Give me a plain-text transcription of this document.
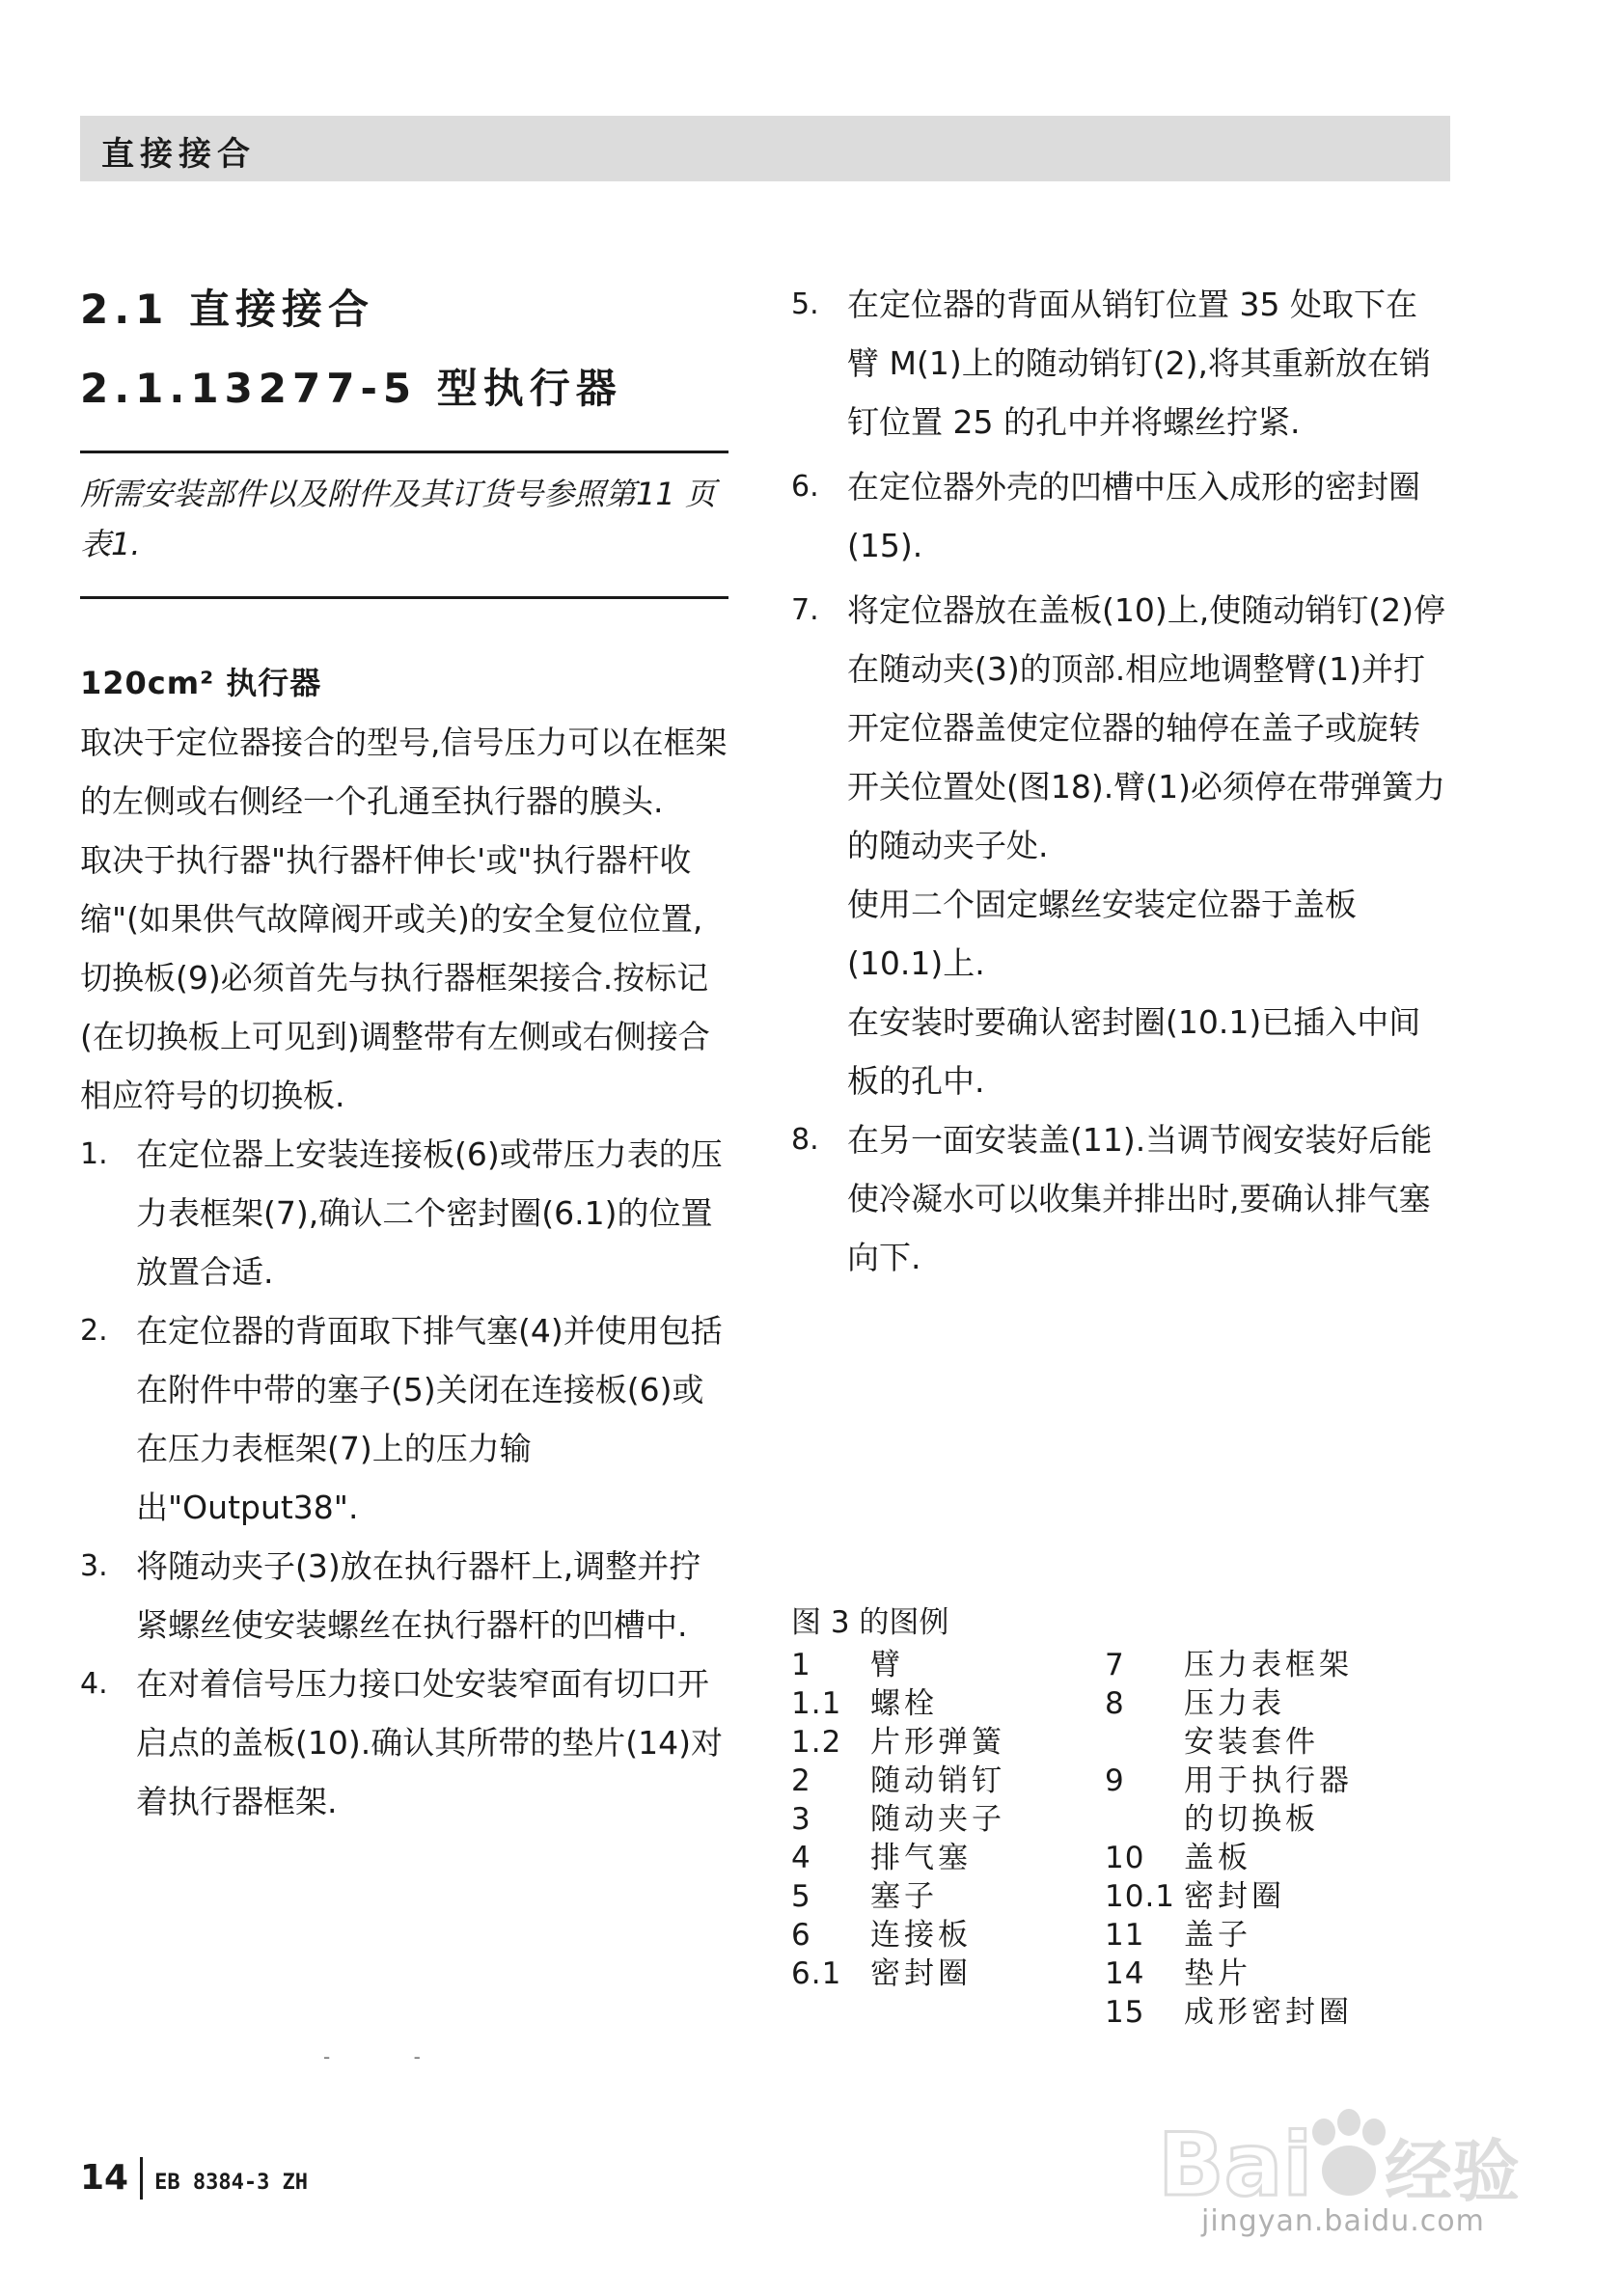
直接接合
2.1 直接接合
2.1.13277-5 型执行器
所需安装部件以及附件及其订货号参照第11 页表1.
120cm² 执行器

取决于定位器接合的型号,信号压力可以在框架的左侧或右侧经一个孔通至执行器的膜头.

取决于执行器"执行器杆伸长'或"执行器杆收缩"(如果供气故障阀开或关)的安全复位位置,切换板(9)必须首先与执行器框架接合.按标记(在切换板上可见到)调整带有左侧或右侧接合相应符号的切换板.

1. 在定位器上安装连接板(6)或带压力表的压力表框架(7),确认二个密封圈(6.1)的位置放置合适.
2. 在定位器的背面取下排气塞(4)并使用包括在附件中带的塞子(5)关闭在连接板(6)或在压力表框架(7)上的压力输出"Output38".
3. 将随动夹子(3)放在执行器杆上,调整并拧紧螺丝使安装螺丝在执行器杆的凹槽中.
4. 在对着信号压力接口处安装窄面有切口开启点的盖板(10).确认其所带的垫片(14)对着执行器框架.
5. 在定位器的背面从销钉位置 35 处取下在臂 M(1)上的随动销钉(2),将其重新放在销钉位置 25 的孔中并将螺丝拧紧.
6. 在定位器外壳的凹槽中压入成形的密封圈(15).
7. 将定位器放在盖板(10)上,使随动销钉(2)停在随动夹(3)的顶部.相应地调整臂(1)并打开定位器盖使定位器的轴停在盖子或旋转开关位置处(图18).臂(1)必须停在带弹簧力的随动夹子处.
使用二个固定螺丝安装定位器于盖板(10.1)上.
在安装时要确认密封圈(10.1)已插入中间板的孔中.
8. 在另一面安装盖(11).当调节阀安装好后能使冷凝水可以收集并排出时,要确认排气塞向下.
图 3 的图例
1 臂
1.1 螺栓
1.2 片形弹簧
2 随动销钉
3 随动夹子
4 排气塞
5 塞子
6 连接板
6.1 密封圈
7 压力表框架
8 压力表
安装套件
9 用于执行器
的切换板
10 盖板
10.1 密封圈
11 盖子
14 垫片
15 成形密封圈
- -
14 EB 8384-3 ZH	Bai 经验
jingyan.baidu.com
